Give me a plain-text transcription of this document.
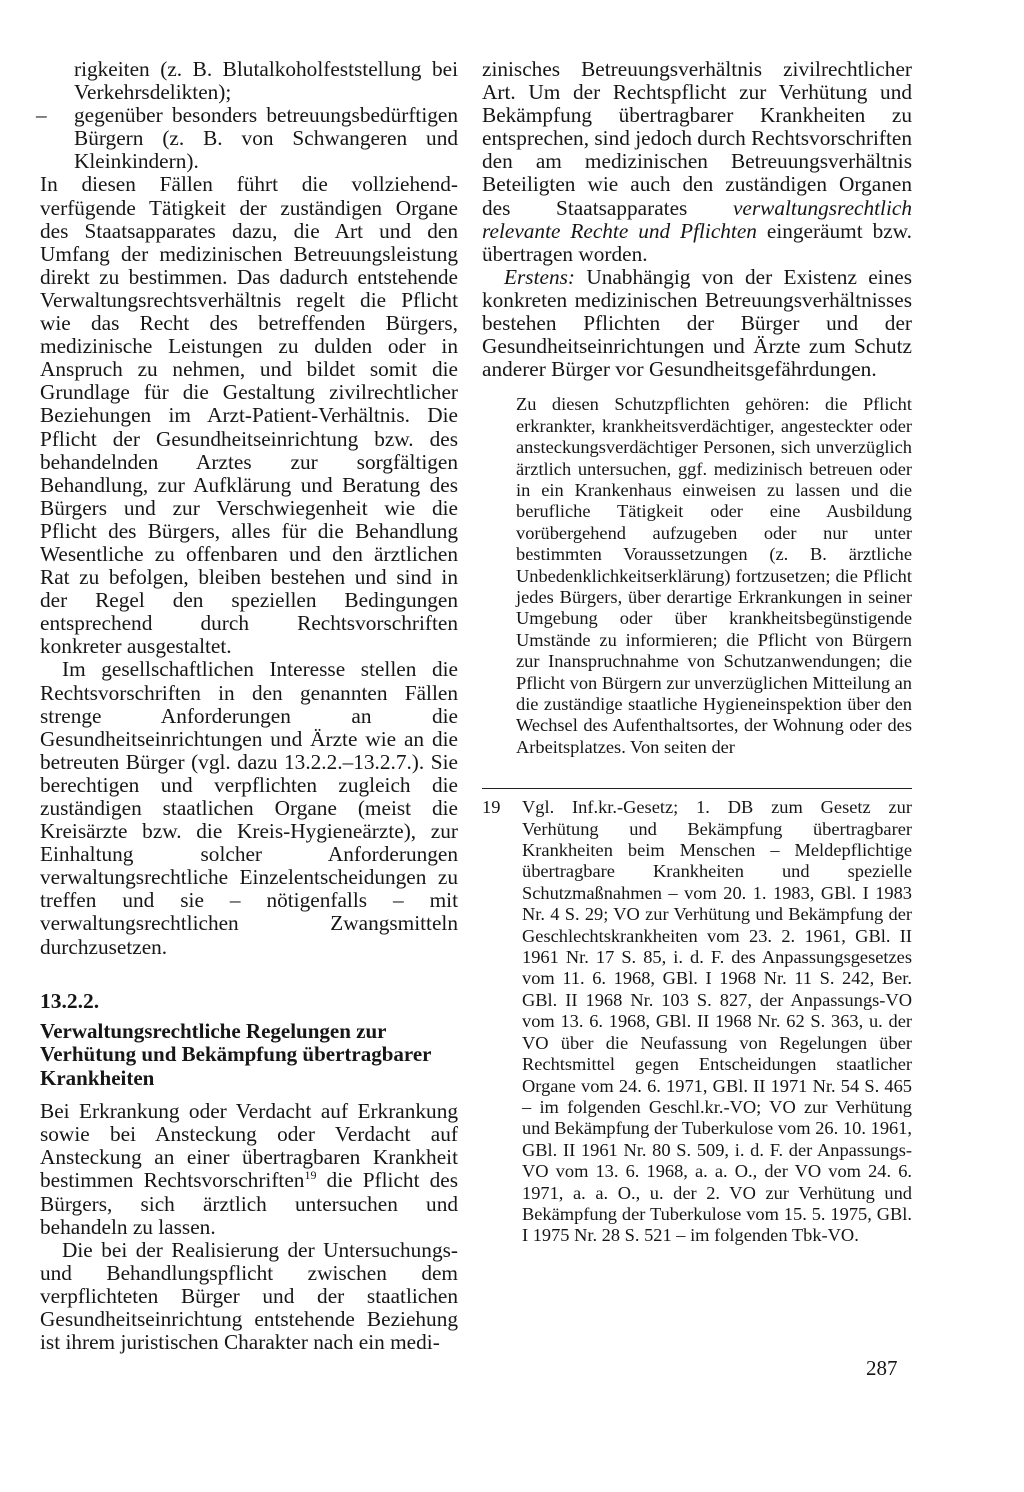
rigkeiten (z. B. Blutalkoholfeststellung bei Verkehrsdelikten);

– gegenüber besonders betreuungsbedürftigen Bürgern (z. B. von Schwangeren und Kleinkindern).

In diesen Fällen führt die vollziehend-verfügende Tätigkeit der zuständigen Organe des Staatsapparates dazu, die Art und den Umfang der medizinischen Betreuungsleistung direkt zu bestimmen. Das dadurch entstehende Verwaltungsrechtsverhältnis regelt die Pflicht wie das Recht des betreffenden Bürgers, medizinische Leistungen zu dulden oder in Anspruch zu nehmen, und bildet somit die Grundlage für die Gestaltung zivilrechtlicher Beziehungen im Arzt-Patient-Verhältnis. Die Pflicht der Gesundheitseinrichtung bzw. des behandelnden Arztes zur sorgfältigen Behandlung, zur Aufklärung und Beratung des Bürgers und zur Verschwiegenheit wie die Pflicht des Bürgers, alles für die Behandlung Wesentliche zu offenbaren und den ärztlichen Rat zu befolgen, bleiben bestehen und sind in der Regel den speziellen Bedingungen entsprechend durch Rechtsvorschriften konkreter ausgestaltet.

Im gesellschaftlichen Interesse stellen die Rechtsvorschriften in den genannten Fällen strenge Anforderungen an die Gesundheitseinrichtungen und Ärzte wie an die betreuten Bürger (vgl. dazu 13.2.2.–13.2.7.). Sie berechtigen und verpflichten zugleich die zuständigen staatlichen Organe (meist die Kreisärzte bzw. die Kreis-Hygieneärzte), zur Einhaltung solcher Anforderungen verwaltungsrechtliche Einzelentscheidungen zu treffen und sie – nötigenfalls – mit verwaltungsrechtlichen Zwangsmitteln durchzusetzen.

13.2.2.

Verwaltungsrechtliche Regelungen zur Verhütung und Bekämpfung übertragbarer Krankheiten

Bei Erkrankung oder Verdacht auf Erkrankung sowie bei Ansteckung oder Verdacht auf Ansteckung an einer übertragbaren Krankheit bestimmen Rechtsvorschriften$^{19}$ die Pflicht des Bürgers, sich ärztlich untersuchen und behandeln zu lassen.

Die bei der Realisierung der Untersuchungs- und Behandlungspflicht zwischen dem verpflichteten Bürger und der staatlichen Gesundheitseinrichtung entstehende Beziehung ist ihrem juristischen Charakter nach ein medi-

zinisches Betreuungsverhältnis zivilrechtlicher Art. Um der Rechtspflicht zur Verhütung und Bekämpfung übertragbarer Krankheiten zu entsprechen, sind jedoch durch Rechtsvorschriften den am medizinischen Betreuungsverhältnis Beteiligten wie auch den zuständigen Organen des Staatsapparates verwaltungsrechtlich relevante Rechte und Pflichten eingeräumt bzw. übertragen worden.

Erstens: Unabhängig von der Existenz eines konkreten medizinischen Betreuungsverhältnisses bestehen Pflichten der Bürger und der Gesundheitseinrichtungen und Ärzte zum Schutz anderer Bürger vor Gesundheitsgefährdungen.

Zu diesen Schutzpflichten gehören: die Pflicht erkrankter, krankheitsverdächtiger, angesteckter oder ansteckungsverdächtiger Personen, sich unverzüglich ärztlich untersuchen, ggf. medizinisch betreuen oder in ein Krankenhaus einweisen zu lassen und die berufliche Tätigkeit oder eine Ausbildung vorübergehend aufzugeben oder nur unter bestimmten Voraussetzungen (z. B. ärztliche Unbedenklichkeitserklärung) fortzusetzen; die Pflicht jedes Bürgers, über derartige Erkrankungen in seiner Umgebung oder über krankheitsbegünstigende Umstände zu informieren; die Pflicht von Bürgern zur Inanspruchnahme von Schutzanwendungen; die Pflicht von Bürgern zur unverzüglichen Mitteilung an die zuständige staatliche Hygieneinspektion über den Wechsel des Aufenthaltsortes, der Wohnung oder des Arbeitsplatzes. Von seiten der

19 Vgl. Inf.kr.-Gesetz; 1. DB zum Gesetz zur Verhütung und Bekämpfung übertragbarer Krankheiten beim Menschen – Meldepflichtige übertragbare Krankheiten und spezielle Schutzmaßnahmen – vom 20. 1. 1983, GBl. I 1983 Nr. 4 S. 29; VO zur Verhütung und Bekämpfung der Geschlechtskrankheiten vom 23. 2. 1961, GBl. II 1961 Nr. 17 S. 85, i. d. F. des Anpassungsgesetzes vom 11. 6. 1968, GBl. I 1968 Nr. 11 S. 242, Ber. GBl. II 1968 Nr. 103 S. 827, der Anpassungs-VO vom 13. 6. 1968, GBl. II 1968 Nr. 62 S. 363, u. der VO über die Neufassung von Regelungen über Rechtsmittel gegen Entscheidungen staatlicher Organe vom 24. 6. 1971, GBl. II 1971 Nr. 54 S. 465 – im folgenden Geschl.kr.-VO; VO zur Verhütung und Bekämpfung der Tuberkulose vom 26. 10. 1961, GBl. II 1961 Nr. 80 S. 509, i. d. F. der Anpassungs-VO vom 13. 6. 1968, a. a. O., der VO vom 24. 6. 1971, a. a. O., u. der 2. VO zur Verhütung und Bekämpfung der Tuberkulose vom 15. 5. 1975, GBl. I 1975 Nr. 28 S. 521 – im folgenden Tbk-VO.

287
